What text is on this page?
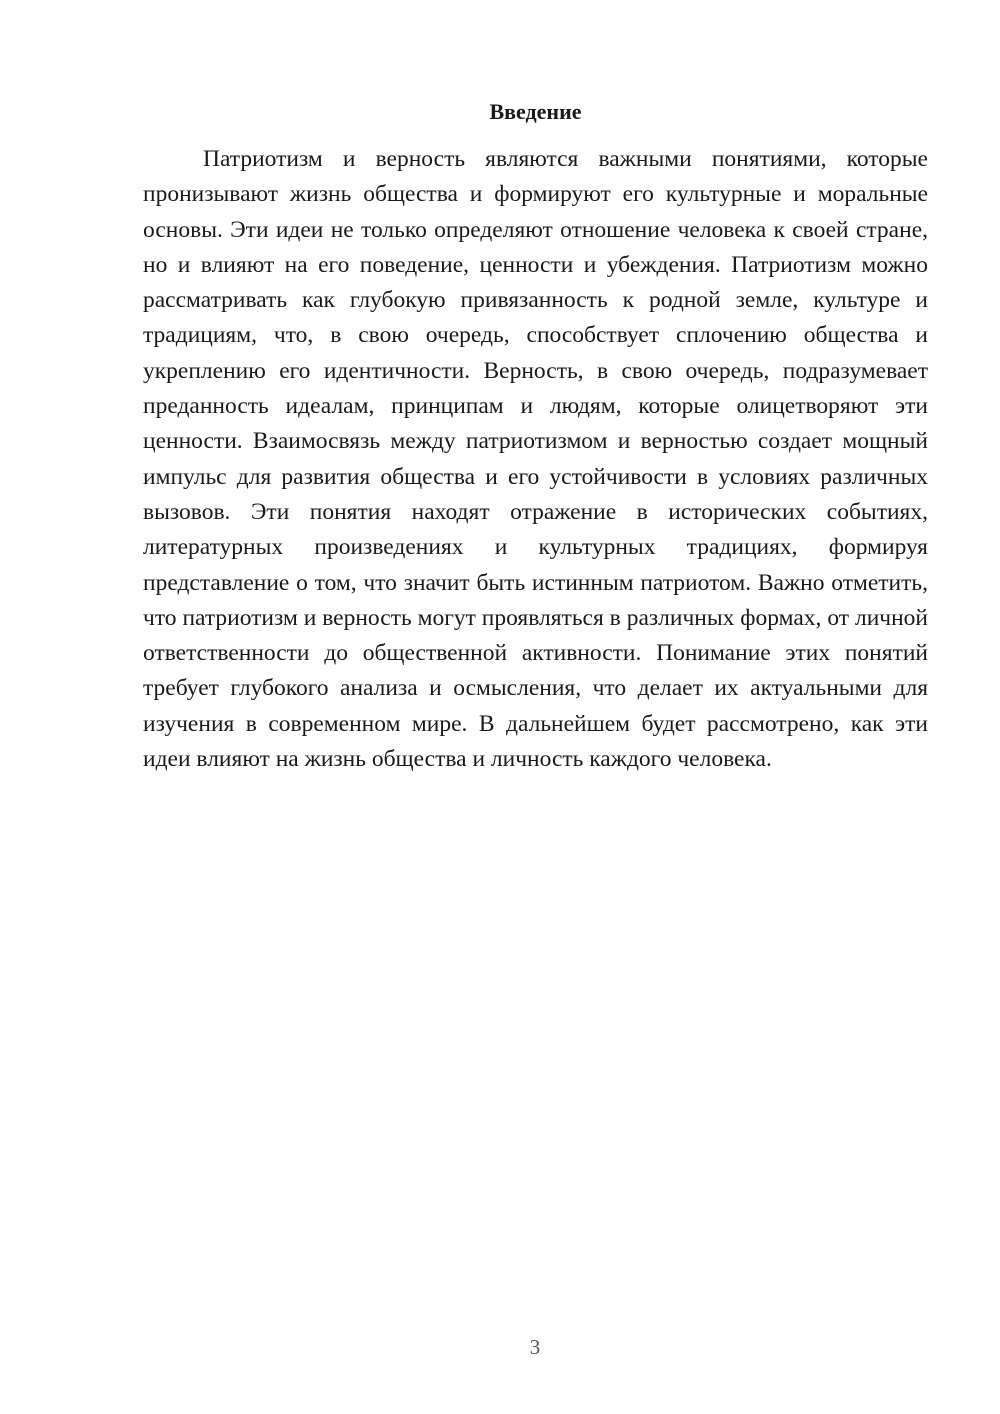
Введение

Патриотизм и верность являются важными понятиями, которые пронизывают жизнь общества и формируют его культурные и моральные основы. Эти идеи не только определяют отношение человека к своей стране, но и влияют на его поведение, ценности и убеждения. Патриотизм можно рассматривать как глубокую привязанность к родной земле, культуре и традициям, что, в свою очередь, способствует сплочению общества и укреплению его идентичности. Верность, в свою очередь, подразумевает преданность идеалам, принципам и людям, которые олицетворяют эти ценности. Взаимосвязь между патриотизмом и верностью создает мощный импульс для развития общества и его устойчивости в условиях различных вызовов. Эти понятия находят отражение в исторических событиях, литературных произведениях и культурных традициях, формируя представление о том, что значит быть истинным патриотом. Важно отметить, что патриотизм и верность могут проявляться в различных формах, от личной ответственности до общественной активности. Понимание этих понятий требует глубокого анализа и осмысления, что делает их актуальными для изучения в современном мире. В дальнейшем будет рассмотрено, как эти идеи влияют на жизнь общества и личность каждого человека.

3
